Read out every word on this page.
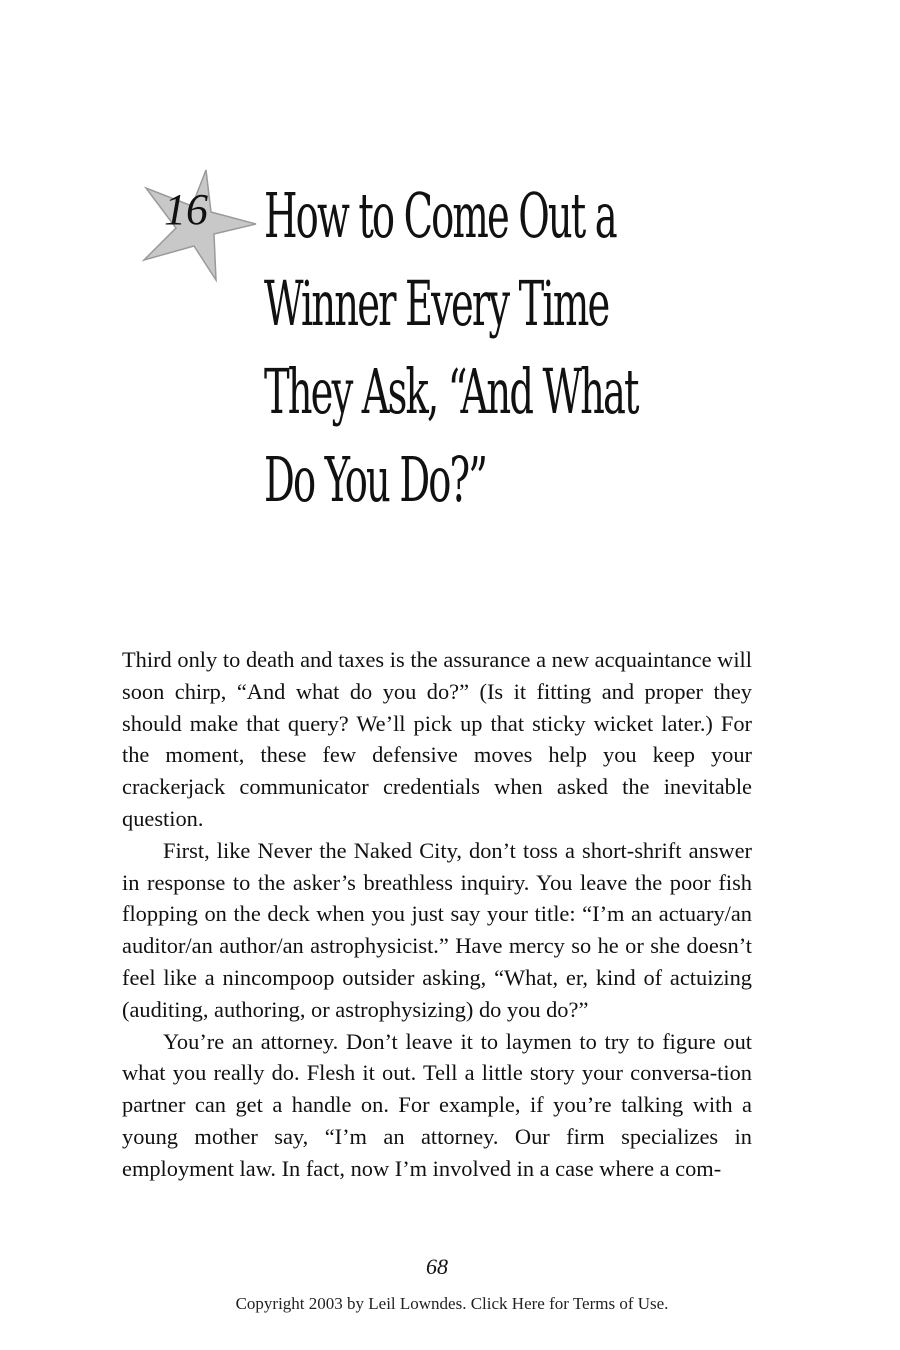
16 How to Come Out a
Winner Every Time
They Ask, “And What
Do You Do?”

Third only to death and taxes is the assurance a new acquaintance will soon chirp, “And what do you do?” (Is it fitting and proper they should make that query? We’ll pick up that sticky wicket later.) For the moment, these few defensive moves help you keep your crackerjack communicator credentials when asked the inevitable question.

First, like Never the Naked City, don’t toss a short-shrift answer in response to the asker’s breathless inquiry. You leave the poor fish flopping on the deck when you just say your title: “I’m an actuary/an auditor/an author/an astrophysicist.” Have mercy so he or she doesn’t feel like a nincompoop outsider asking, “What, er, kind of actuizing (auditing, authoring, or astrophysizing) do you do?”

You’re an attorney. Don’t leave it to laymen to try to figure out what you really do. Flesh it out. Tell a little story your conversa-tion partner can get a handle on. For example, if you’re talking with a young mother say, “I’m an attorney. Our firm specializes in employment law. In fact, now I’m involved in a case where a com-

68
Copyright 2003 by Leil Lowndes. Click Here for Terms of Use.
